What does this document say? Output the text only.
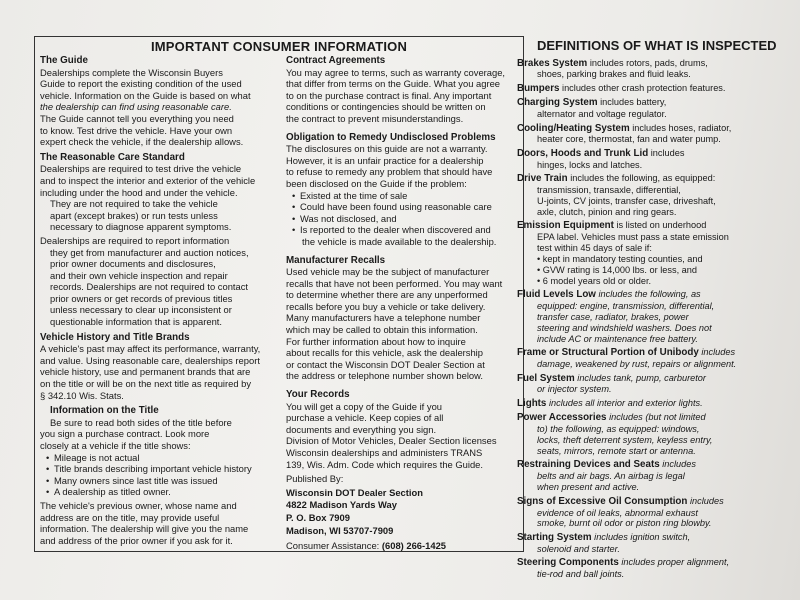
IMPORTANT CONSUMER INFORMATION
The Guide
Dealerships complete the Wisconsin Buyers
Guide to report the existing condition of the used
vehicle. Information on the Guide is based on what
the dealership can find using reasonable care.
The Guide cannot tell you everything you need
to know. Test drive the vehicle. Have your own
expert check the vehicle, if the dealership allows.
The Reasonable Care Standard
Dealerships are required to test drive the vehicle
and to inspect the interior and exterior of the vehicle
including under the hood and under the vehicle.
They are not required to take the vehicle
apart (except brakes) or run tests unless
necessary to diagnose apparent symptoms.
Dealerships are required to report information
they get from manufacturer and auction notices,
prior owner documents and disclosures,
and their own vehicle inspection and repair
records. Dealerships are not required to contact
prior owners or get records of previous titles
unless necessary to clear up inconsistent or
questionable information that is apparent.
Vehicle History and Title Brands
A vehicle's past may affect its performance, warranty,
and value. Using reasonable care, dealerships report
vehicle history, use and permanent brands that are
on the title or will be on the next title as required by
§ 342.10 Wis. Stats.
Information on the Title
Be sure to read both sides of the title before
you sign a purchase contract. Look more
closely at a vehicle if the title shows:
• Mileage is not actual
• Title brands describing important vehicle history
• Many owners since last title was issued
• A dealership as titled owner.
The vehicle's previous owner, whose name and
address are on the title, may provide useful
information. The dealership will give you the name
and address of the prior owner if you ask for it.
Contract Agreements
You may agree to terms, such as warranty coverage,
that differ from terms on the Guide. What you agree
to on the purchase contract is final. Any important
conditions or contingencies should be written on
the contract to prevent misunderstandings.
Obligation to Remedy Undisclosed Problems
The disclosures on this guide are not a warranty.
However, it is an unfair practice for a dealership
to refuse to remedy any problem that should have
been disclosed on the Guide if the problem:
• Existed at the time of sale
• Could have been found using reasonable care
• Was not disclosed, and
• Is reported to the dealer when discovered and
the vehicle is made available to the dealership.
Manufacturer Recalls
Used vehicle may be the subject of manufacturer
recalls that have not been performed. You may want
to determine whether there are any unperformed
recalls before you buy a vehicle or take delivery.
Many manufacturers have a telephone number
which may be called to obtain this information.
For further information about how to inquire
about recalls for this vehicle, ask the dealership
or contact the Wisconsin DOT Dealer Section at
the address or telephone number shown below.
Your Records
You will get a copy of the Guide if you
purchase a vehicle. Keep copies of all
documents and everything you sign.
Division of Motor Vehicles, Dealer Section licenses
Wisconsin dealerships and administers TRANS
139, Wis. Adm. Code which requires the Guide.
Published By:
Wisconsin DOT Dealer Section
4822 Madison Yards Way
P. O. Box 7909
Madison, WI 53707-7909
Consumer Assistance: (608) 266-1425
DEFINITIONS OF WHAT IS INSPECTED
Brakes System includes rotors, pads, drums,
shoes, parking brakes and fluid leaks.
Bumpers includes other crash protection features.
Charging System includes battery,
alternator and voltage regulator.
Cooling/Heating System includes hoses, radiator,
heater core, thermostat, fan and water pump.
Doors, Hoods and Trunk Lid includes
hinges, locks and latches.
Drive Train includes the following, as equipped:
transmission, transaxle, differential,
U-joints, CV joints, transfer case, driveshaft,
axle, clutch, pinion and ring gears.
Emission Equipment is listed on underhood
EPA label. Vehicles must pass a state emission
test within 45 days of sale if:
• kept in mandatory testing counties, and
• GVW rating is 14,000 lbs. or less, and
• 6 model years old or older.
Fluid Levels Low includes the following, as
equipped: engine, transmission, differential,
transfer case, radiator, brakes, power
steering and windshield washers. Does not
include AC or maintenance free battery.
Frame or Structural Portion of Unibody includes
damage, weakened by rust, repairs or alignment.
Fuel System includes tank, pump, carburetor
or injector system.
Lights includes all interior and exterior lights.
Power Accessories includes (but not limited
to) the following, as equipped: windows,
locks, theft deterrent system, keyless entry,
seats, mirrors, remote start or antenna.
Restraining Devices and Seats includes
belts and air bags. An airbag is legal
when present and active.
Signs of Excessive Oil Consumption includes
evidence of oil leaks, abnormal exhaust
smoke, burnt oil odor or piston ring blowby.
Starting System includes ignition switch,
solenoid and starter.
Steering Components includes proper alignment,
tie-rod and ball joints.
